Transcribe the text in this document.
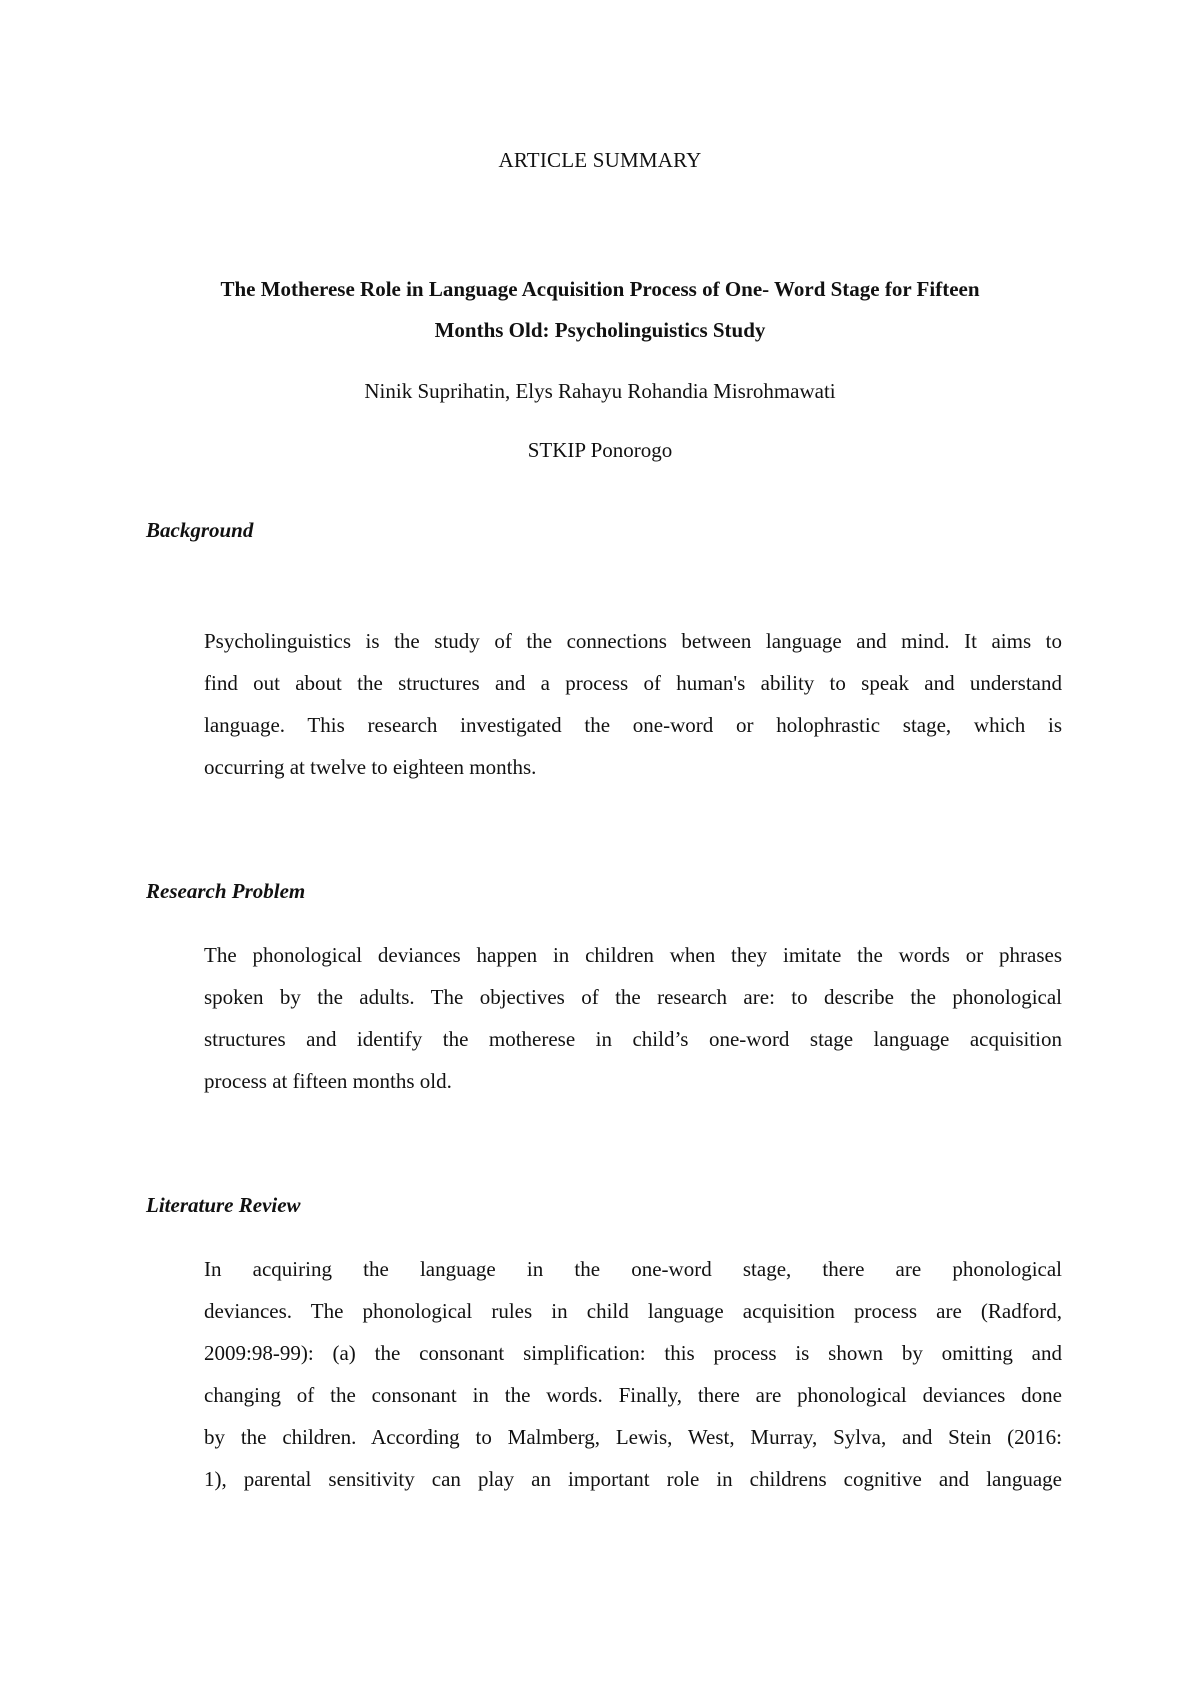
ARTICLE SUMMARY
The Motherese Role in Language Acquisition Process of One- Word Stage for Fifteen
Months Old: Psycholinguistics Study
Ninik Suprihatin, Elys Rahayu Rohandia Misrohmawati
STKIP Ponorogo
Background
Psycholinguistics is the study of the connections between language and mind. It aims to
find out about the structures and a process of human's ability to speak and understand
language. This research investigated the one-word or holophrastic stage, which is
occurring at twelve to eighteen months.
Research Problem
The phonological deviances happen in children when they imitate the words or phrases
spoken by the adults. The objectives of the research are: to describe the phonological
structures and identify the motherese in child’s one-word stage language acquisition
process at fifteen months old.
Literature Review
In acquiring the language in the one-word stage, there are phonological
deviances. The phonological rules in child language acquisition process are (Radford,
2009:98-99): (a) the consonant simplification: this process is shown by omitting and
changing of the consonant in the words. Finally, there are phonological deviances done
by the children. According to Malmberg, Lewis, West, Murray, Sylva, and Stein (2016:
1), parental sensitivity can play an important role in childrens cognitive and language
